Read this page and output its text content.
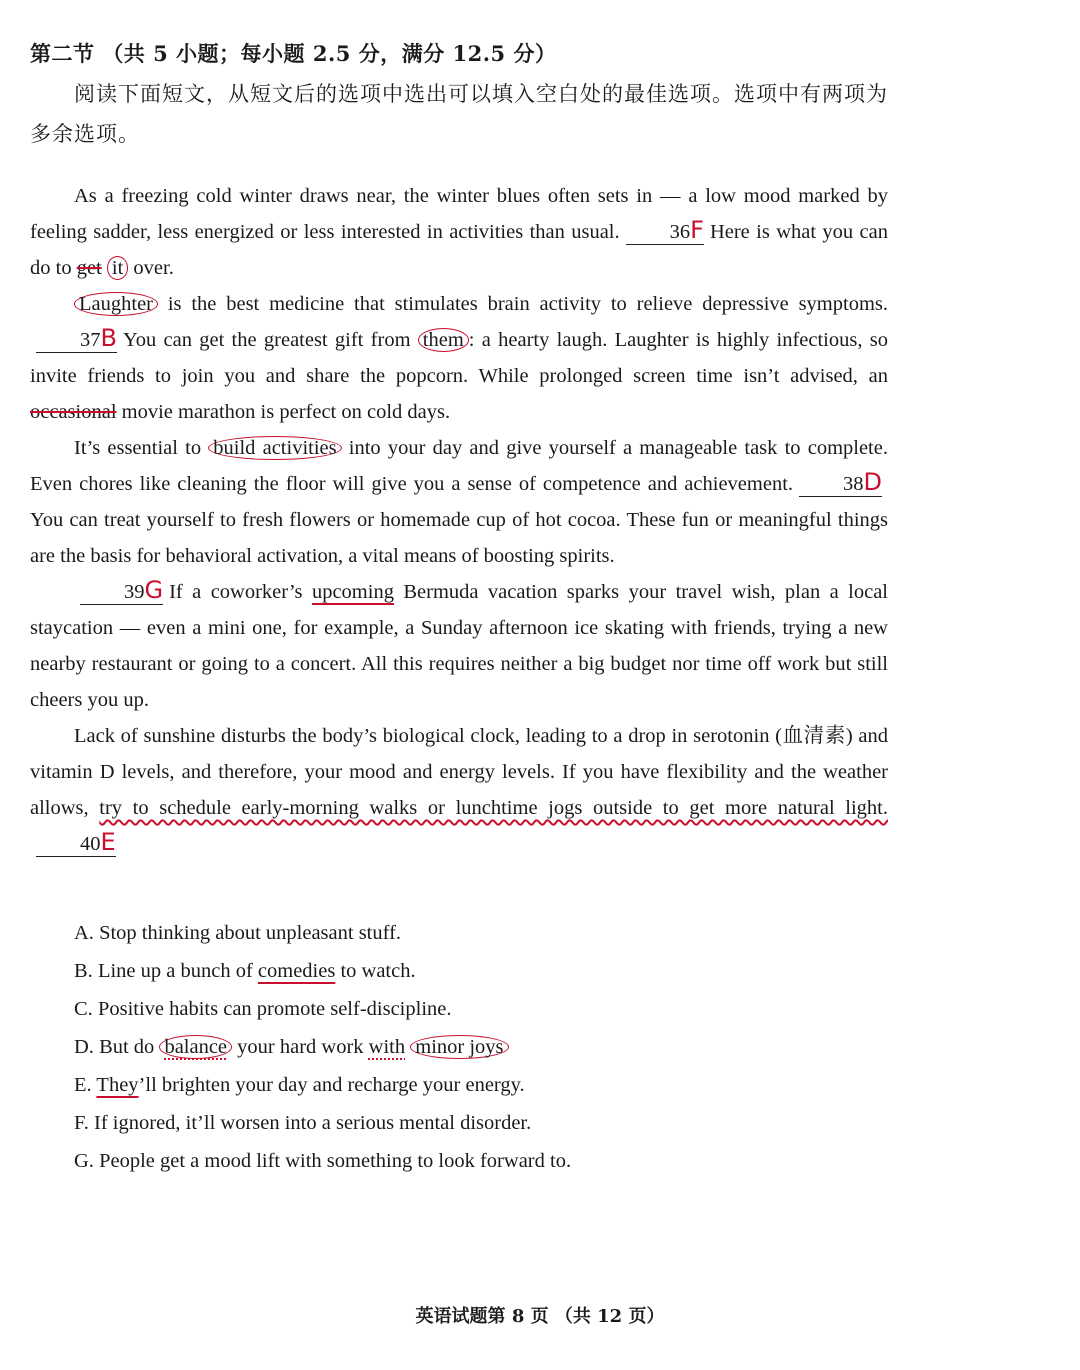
第二节 （共 5 小题；每小题 2.5 分，满分 12.5 分）
阅读下面短文，从短文后的选项中选出可以填入空白处的最佳选项。选项中有两项为多余选项。

As a freezing cold winter draws near, the winter blues often sets in — a low mood marked by feeling sadder, less energized or less interested in activities than usual. 36F Here is what you can do to get it over.

Laughter is the best medicine that stimulates brain activity to relieve depressive symptoms.37B You can get the greatest gift from them : a hearty laugh. Laughter is highly infectious, so invite friends to join you and share the popcorn. While prolonged screen time isn’t advised, an occasional movie marathon is perfect on cold days.

It’s essential to build activities into your day and give yourself a manageable task to complete. Even chores like cleaning the floor will give you a sense of competence and achievement. 38DYou can treat yourself to fresh flowers or homemade cup of hot cocoa. These fun or meaningful things are the basis for behavioral activation, a vital means of boosting spirits.

39G If a coworker’s upcoming Bermuda vacation sparks your travel wish, plan a local staycation — even a mini one, for example, a Sunday afternoon ice skating with friends, trying a new nearby restaurant or going to a concert. All this requires neither a big budget nor time off work but still cheers you up.

Lack of sunshine disturbs the body’s biological clock, leading to a drop in serotonin (血清素) and vitamin D levels, and therefore, your mood and energy levels. If you have flexibility and the weather allows, try to schedule early-morning walks or lunchtime jogs outside to get more natural light.40E

A. Stop thinking about unpleasant stuff.

B. Line up a bunch of comedies to watch.

C. Positive habits can promote self-discipline.

D. But do balance your hard work with minor joys

E. They’ll brighten your day and recharge your energy.

F. If ignored, it’ll worsen into a serious mental disorder.

G. People get a mood lift with something to look forward to.

英语试题第 8 页 （共 12 页）
